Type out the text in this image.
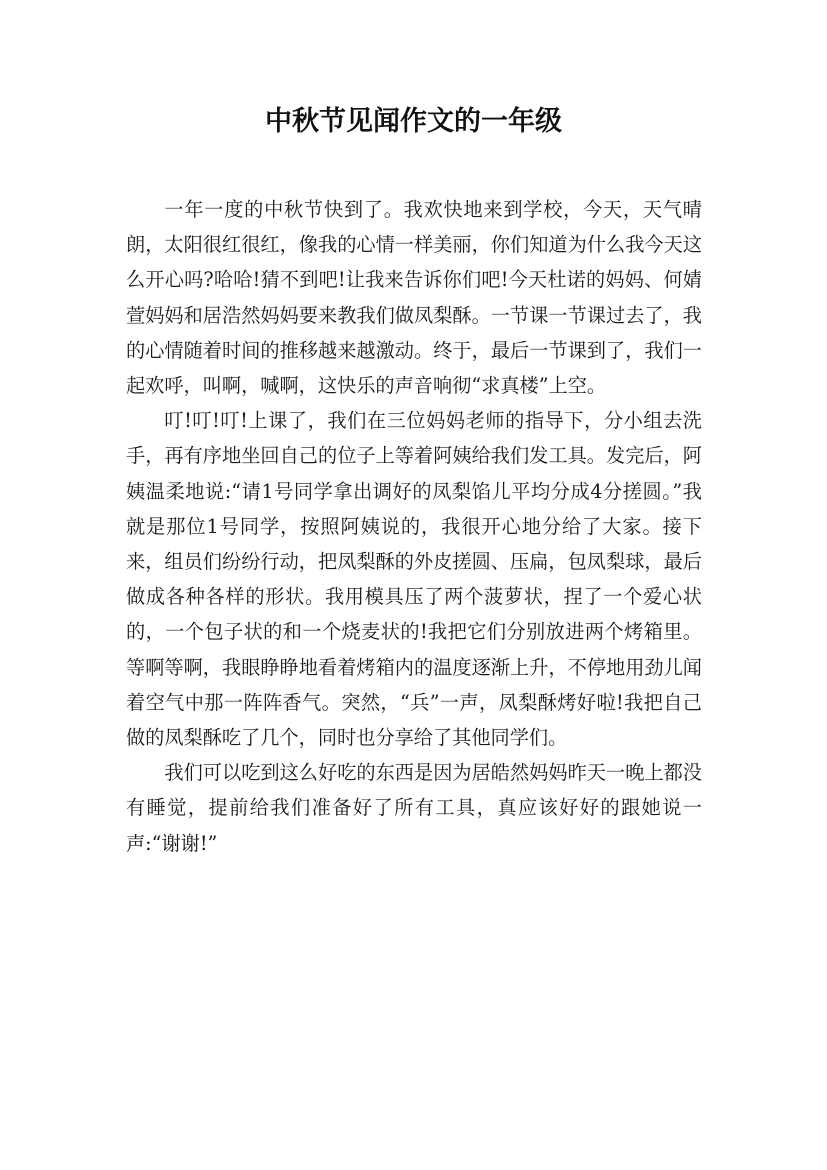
中秋节见闻作文的一年级

一年一度的中秋节快到了。我欢快地来到学校，今天，天气晴朗，太阳很红很红，像我的心情一样美丽，你们知道为什么我今天这么开心吗?哈哈!猜不到吧!让我来告诉你们吧!今天杜诺的妈妈、何婧萱妈妈和居浩然妈妈要来教我们做凤梨酥。一节课一节课过去了，我的心情随着时间的推移越来越激动。终于，最后一节课到了，我们一起欢呼，叫啊，喊啊，这快乐的声音响彻“求真楼”上空。

叮!叮!叮!上课了，我们在三位妈妈老师的指导下，分小组去洗手，再有序地坐回自己的位子上等着阿姨给我们发工具。发完后，阿姨温柔地说:“请1号同学拿出调好的凤梨馅儿平均分成4分搓圆。”我就是那位1号同学，按照阿姨说的，我很开心地分给了大家。接下来，组员们纷纷行动，把凤梨酥的外皮搓圆、压扁，包凤梨球，最后做成各种各样的形状。我用模具压了两个菠萝状，捏了一个爱心状的，一个包子状的和一个烧麦状的!我把它们分别放进两个烤箱里。等啊等啊，我眼睁睁地看着烤箱内的温度逐渐上升，不停地用劲儿闻着空气中那一阵阵香气。突然，“兵”一声，凤梨酥烤好啦!我把自己做的凤梨酥吃了几个，同时也分享给了其他同学们。

我们可以吃到这么好吃的东西是因为居皓然妈妈昨天一晚上都没有睡觉，提前给我们准备好了所有工具，真应该好好的跟她说一声:“谢谢!”
